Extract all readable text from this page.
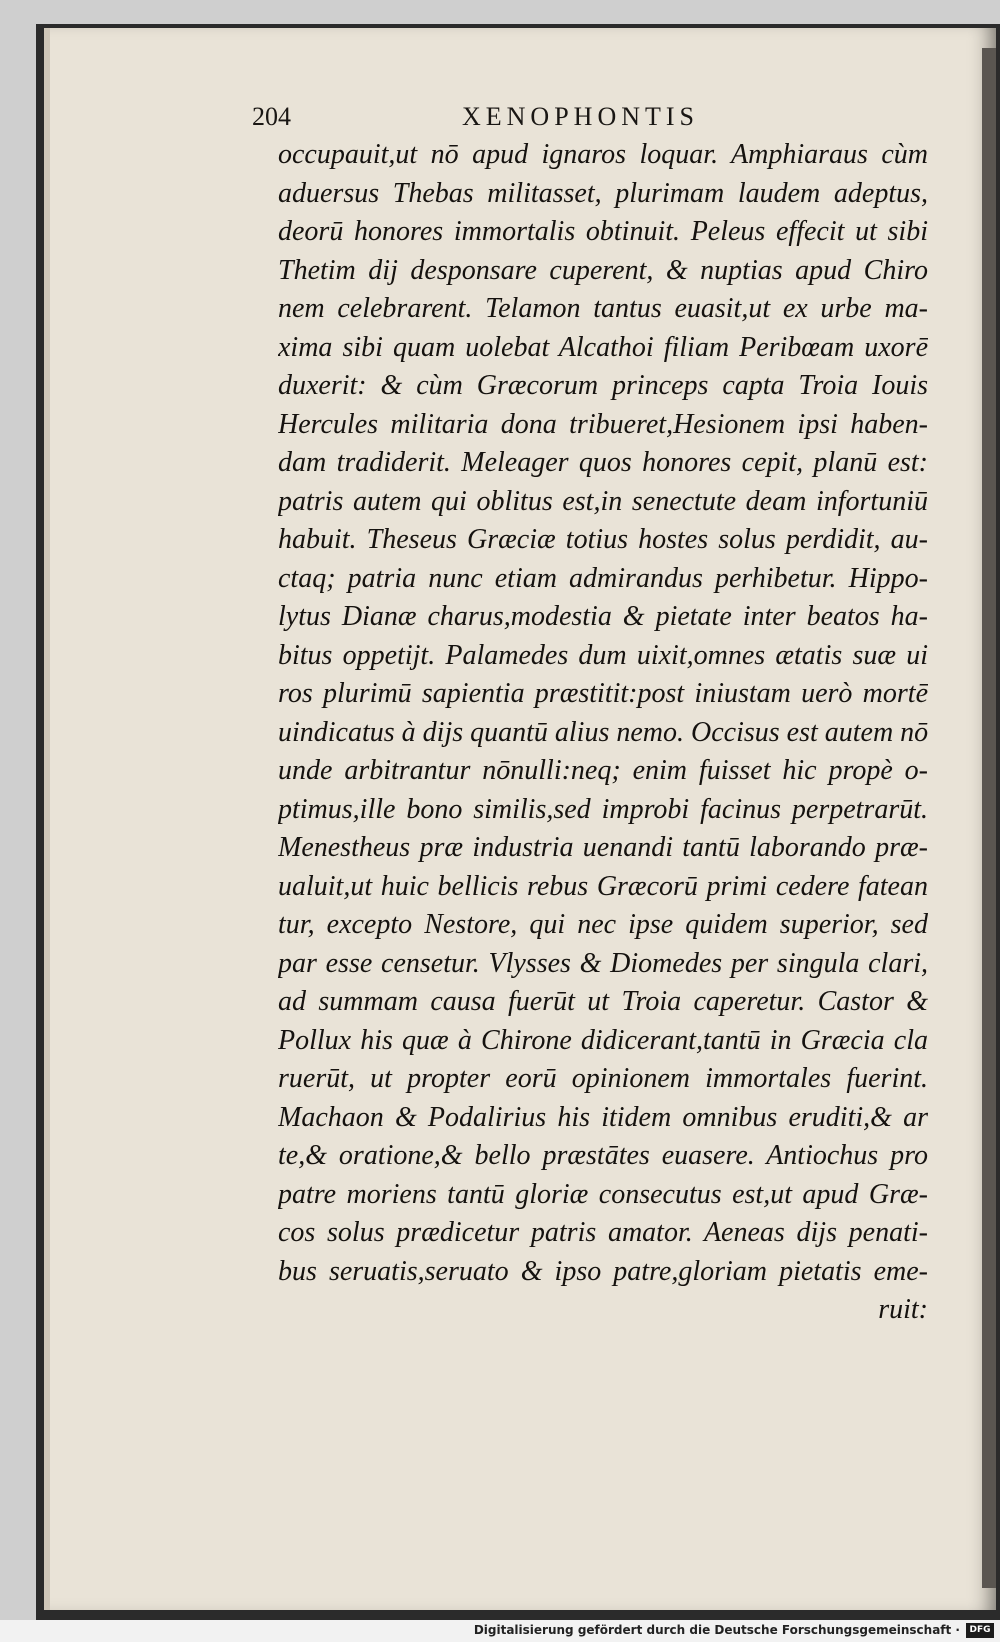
204	XENOPHONTIS
occupauit,ut nō apud ignaros loquar. Amphiaraus cùm
aduersus Thebas militasset, plurimam laudem adeptus,
deorū honores immortalis obtinuit. Peleus effecit ut sibi
Thetim dij desponsare cuperent, & nuptias apud Chiro
nem celebrarent. Telamon tantus euasit,ut ex urbe ma-
xima sibi quam uolebat Alcathoi filiam Peribœam uxorē
duxerit: & cùm Græcorum princeps capta Troia Iouis
Hercules militaria dona tribueret,Hesionem ipsi haben-
dam tradiderit. Meleager quos honores cepit, planū est:
patris autem qui oblitus est,in senectute deam infortuniū
habuit. Theseus Græciæ totius hostes solus perdidit, au-
ctaq; patria nunc etiam admirandus perhibetur. Hippo-
lytus Dianæ charus,modestia & pietate inter beatos ha-
bitus oppetijt. Palamedes dum uixit,omnes ætatis suæ ui
ros plurimū sapientia præstitit:post iniustam uerò mortē
uindicatus à dijs quantū alius nemo. Occisus est autem nō
unde arbitrantur nōnulli:neq; enim fuisset hic propè o-
ptimus,ille bono similis,sed improbi facinus perpetrarūt.
Menestheus præ industria uenandi tantū laborando præ-
ualuit,ut huic bellicis rebus Græcorū primi cedere fatean
tur, excepto Nestore, qui nec ipse quidem superior, sed
par esse censetur. Vlysses & Diomedes per singula clari,
ad summam causa fuerūt ut Troia caperetur. Castor &
Pollux his quæ à Chirone didicerant,tantū in Græcia cla
ruerūt, ut propter eorū opinionem immortales fuerint.
Machaon & Podalirius his itidem omnibus eruditi,& ar
te,& oratione,& bello præstātes euasere. Antiochus pro
patre moriens tantū gloriæ consecutus est,ut apud Græ-
cos solus prædicetur patris amator. Aeneas dijs penati-
bus seruatis,seruato & ipso patre,gloriam pietatis eme-
ruit:
Digitalisierung gefördert durch die Deutsche Forschungsgemeinschaft ·	DFG
